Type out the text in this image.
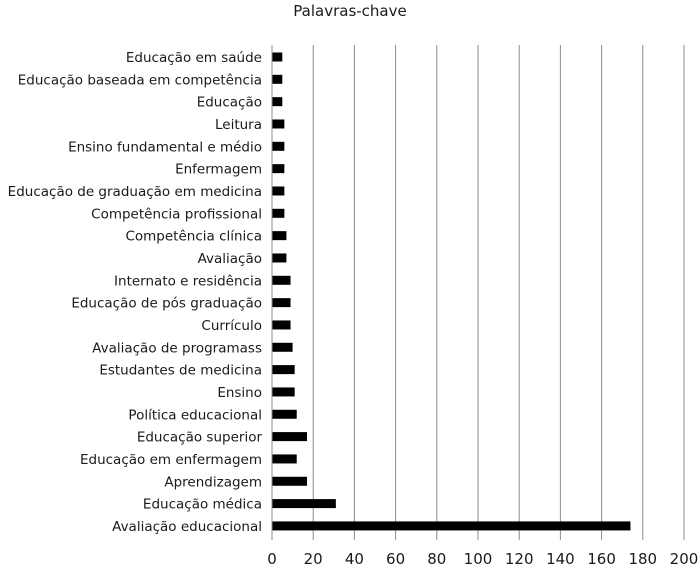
Palavras-chave
Educação em saúde
Educação baseada em competência
Educação
Leitura
Ensino fundamental e médio
Enfermagem
Educação de graduação em medicina
Competência profissional
Competência clínica
Avaliação
Internato e residência
Educação de pós graduação
Currículo
Avaliação de programass
Estudantes de medicina
Ensino
Política educacional
Educação superior
Educação em enfermagem
Aprendizagem
Educação médica
Avaliação educacional
0 20 40 60 80 100 120 140 160 180 200
